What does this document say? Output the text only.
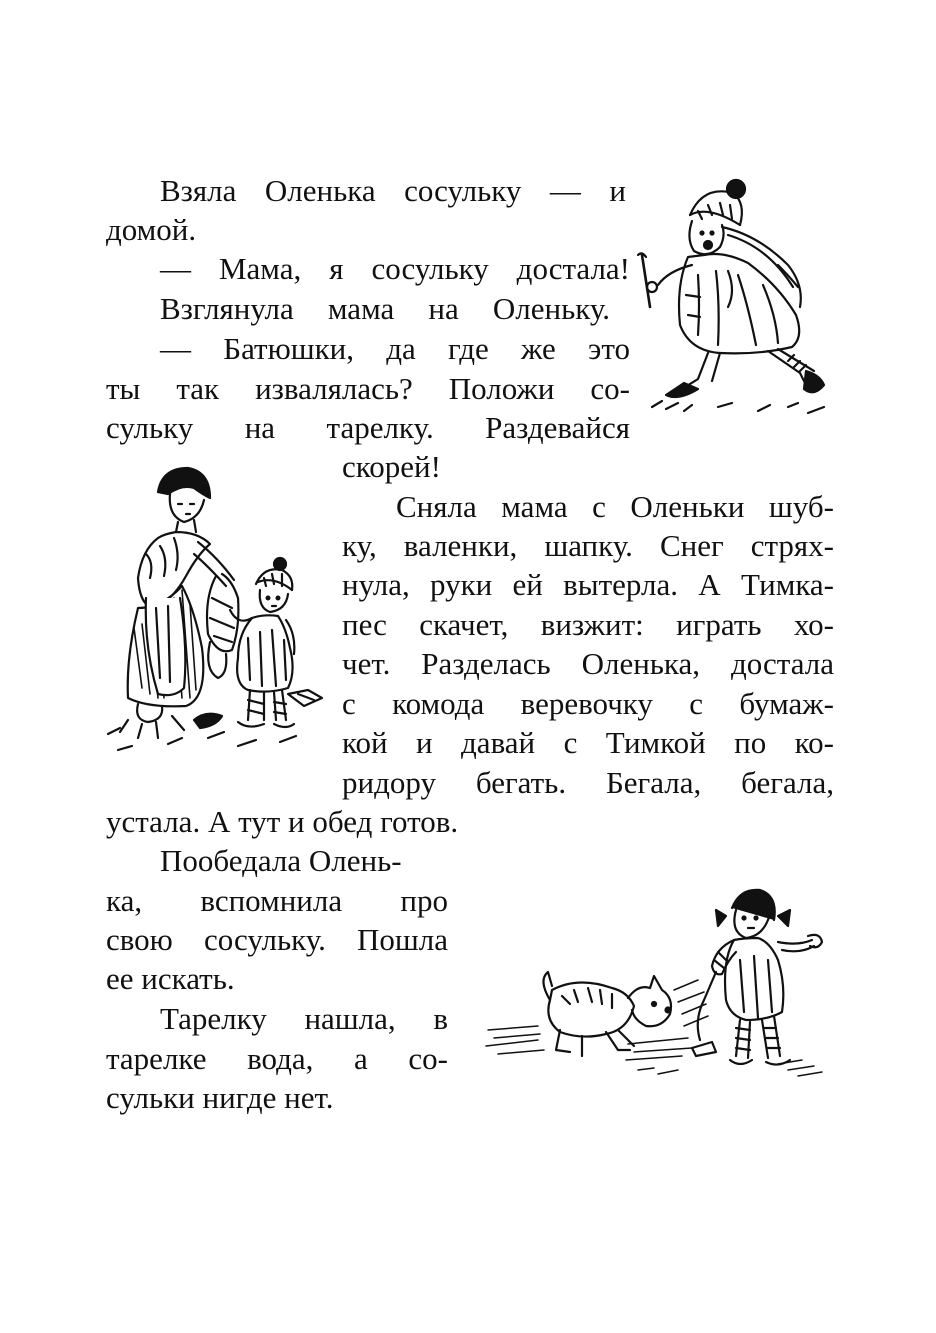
Взяла Оленька сосульку — и
домой.
— Мама, я сосульку достала!
Взглянула мама на Оленьку.
— Батюшки, да где же это
ты так извалялась? Положи со-
сульку на тарелку. Раздевайся
скорей!
Сняла мама с Оленьки шуб-
ку, валенки, шапку. Снег стрях-
нула, руки ей вытерла. А Тимка-
пес скачет, визжит: играть хо-
чет. Разделась Оленька, достала
с комода веревочку с бумаж-
кой и давай с Тимкой по ко-
ридору бегать. Бегала, бегала,
устала. А тут и обед готов.
Пообедала Олень-
ка, вспомнила про
свою сосульку. Пошла
ее искать.
Тарелку нашла, в
тарелке вода, а со-
сульки нигде нет.
